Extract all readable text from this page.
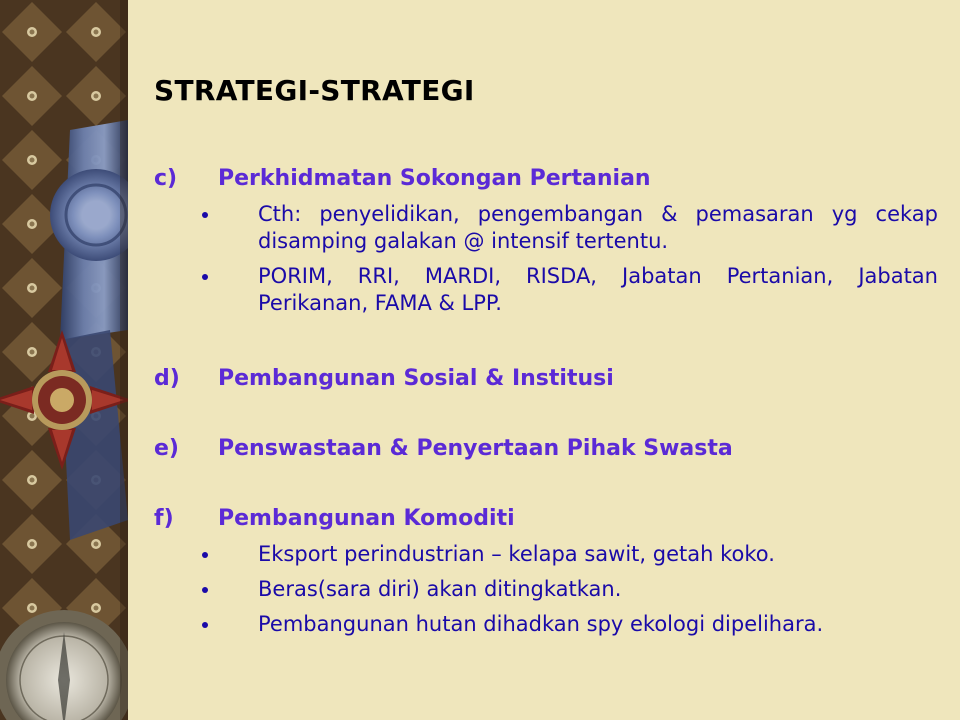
STRATEGI-STRATEGI
c)	Perkhidmatan Sokongan Pertanian
Cth: penyelidikan, pengembangan & pemasaran yg cekap disamping galakan @ intensif tertentu.
PORIM, RRI, MARDI, RISDA, Jabatan Pertanian, Jabatan Perikanan, FAMA & LPP.
d)	Pembangunan Sosial & Institusi
e)	Penswastaan & Penyertaan Pihak Swasta
f)	Pembangunan Komoditi
Eksport perindustrian – kelapa sawit, getah koko.
Beras(sara diri) akan ditingkatkan.
Pembangunan hutan dihadkan spy ekologi dipelihara.
